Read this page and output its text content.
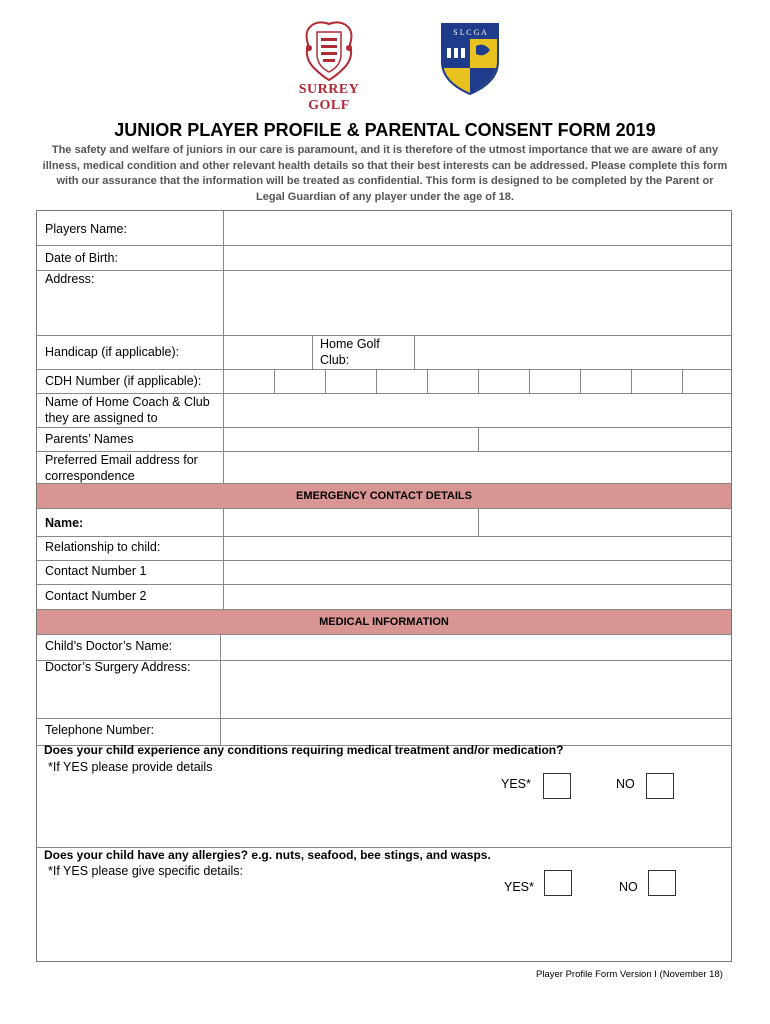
SURREY GOLF
S L C G A
JUNIOR PLAYER PROFILE & PARENTAL CONSENT FORM 2019
The safety and welfare of juniors in our care is paramount, and it is therefore of the utmost importance that we are aware of any illness, medical condition and other relevant health details so that their best interests can be addressed. Please complete this form with our assurance that the information will be treated as confidential. This form is designed to be completed by the Parent or Legal Guardian of any player under the age of 18.
Players Name:
Date of Birth:
Address:
Handicap (if applicable):
Home Golf
Club:
CDH Number (if applicable):
Name of Home Coach & Club
they are assigned to
Parents’ Names
Preferred Email address for
correspondence
EMERGENCY CONTACT DETAILS
Name:
Relationship to child:
Contact Number 1
Contact Number 2
MEDICAL INFORMATION
Child’s Doctor’s Name:
Doctor’s Surgery Address:
Telephone Number:
Does your child experience any conditions requiring medical treatment and/or medication?
*If YES please provide details
YES*	NO
Does your child have any allergies? e.g. nuts, seafood, bee stings, and wasps.
*If YES please give specific details:
YES*	NO
Player Profile Form Version I (November 18)
